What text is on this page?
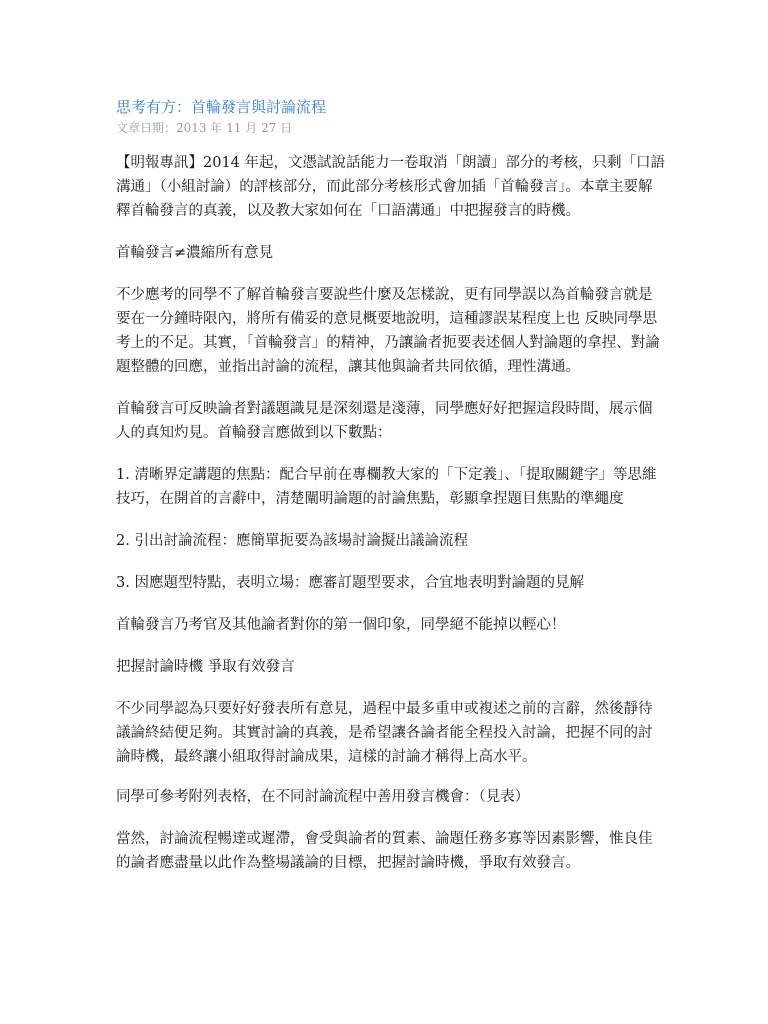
思考有方：首輪發言與討論流程
文章日期：2013 年 11 月 27 日

【明報專訊】2014 年起，文憑試說話能力一卷取消「朗讀」部分的考核，只剩「口語溝通」（小組討論）的評核部分，而此部分考核形式會加插「首輪發言」。本章主要解釋首輪發言的真義，以及教大家如何在「口語溝通」中把握發言的時機。

首輪發言≠濃縮所有意見

不少應考的同學不了解首輪發言要說些什麼及怎樣說，更有同學誤以為首輪發言就是要在一分鐘時限內，將所有備妥的意見概要地說明，這種謬誤某程度上也 反映同學思考上的不足。其實，「首輪發言」的精神，乃讓論者扼要表述個人對論題的拿捏、對論題整體的回應，並指出討論的流程，讓其他與論者共同依循，理性溝通。

首輪發言可反映論者對議題識見是深刻還是淺薄，同學應好好把握這段時間，展示個人的真知灼見。首輪發言應做到以下數點：

1. 清晰界定講題的焦點：配合早前在專欄教大家的「下定義」、「提取關鍵字」等思維技巧，在開首的言辭中，清楚闡明論題的討論焦點，彰顯拿捏題目焦點的準繩度

2. 引出討論流程：應簡單扼要為該場討論擬出議論流程

3. 因應題型特點，表明立場：應審訂題型要求，合宜地表明對論題的見解

首輪發言乃考官及其他論者對你的第一個印象，同學絕不能掉以輕心！

把握討論時機 爭取有效發言

不少同學認為只要好好發表所有意見，過程中最多重申或複述之前的言辭，然後靜待議論終結便足夠。其實討論的真義，是希望讓各論者能全程投入討論，把握不同的討論時機，最終讓小組取得討論成果，這樣的討論才稱得上高水平。

同學可參考附列表格，在不同討論流程中善用發言機會：（見表）

當然，討論流程暢達或遲滯，會受與論者的質素、論題任務多寡等因素影響，惟良佳的論者應盡量以此作為整場議論的目標，把握討論時機，爭取有效發言。
